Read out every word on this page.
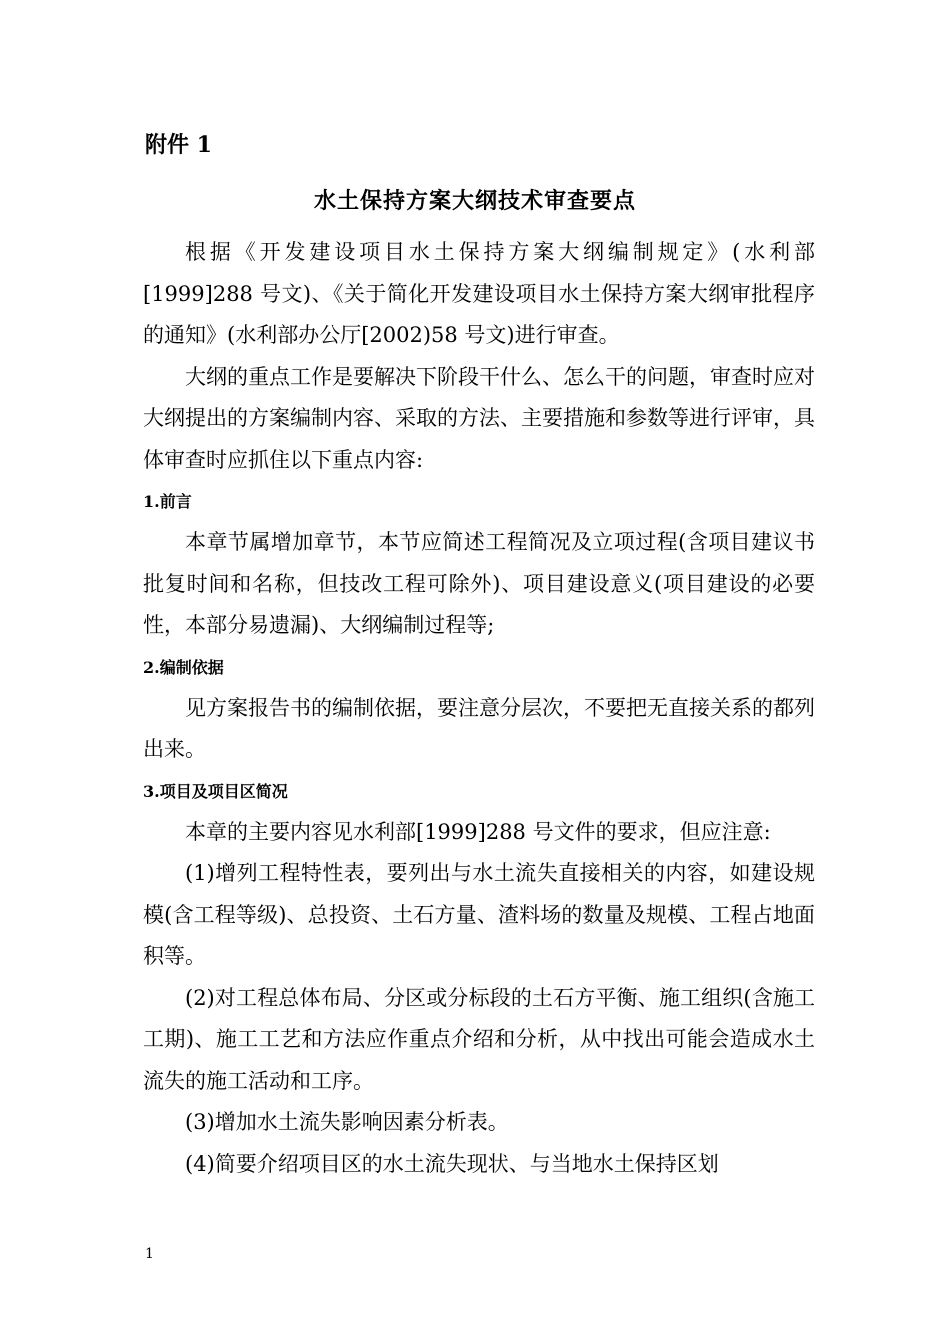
附件 1
水土保持方案大纲技术审查要点

根据《开发建设项目水土保持方案大纲编制规定》(水利部[1999]288 号文)、《关于简化开发建设项目水土保持方案大纲审批程序的通知》(水利部办公厅[2002)58 号文)进行审查。

大纲的重点工作是要解决下阶段干什么、怎么干的问题，审查时应对大纲提出的方案编制内容、采取的方法、主要措施和参数等进行评审，具体审查时应抓住以下重点内容:

1.前言

本章节属增加章节，本节应简述工程简况及立项过程(含项目建议书批复时间和名称，但技改工程可除外)、项目建设意义(项目建设的必要性，本部分易遗漏)、大纲编制过程等;

2.编制依据

见方案报告书的编制依据，要注意分层次，不要把无直接关系的都列出来。

3.项目及项目区简况

本章的主要内容见水利部[1999]288 号文件的要求，但应注意:

(1)增列工程特性表，要列出与水土流失直接相关的内容，如建设规模(含工程等级)、总投资、土石方量、渣料场的数量及规模、工程占地面积等。

(2)对工程总体布局、分区或分标段的土石方平衡、施工组织(含施工工期)、施工工艺和方法应作重点介绍和分析，从中找出可能会造成水土流失的施工活动和工序。

(3)增加水土流失影响因素分析表。

(4)简要介绍项目区的水土流失现状、与当地水土保持区划

1
